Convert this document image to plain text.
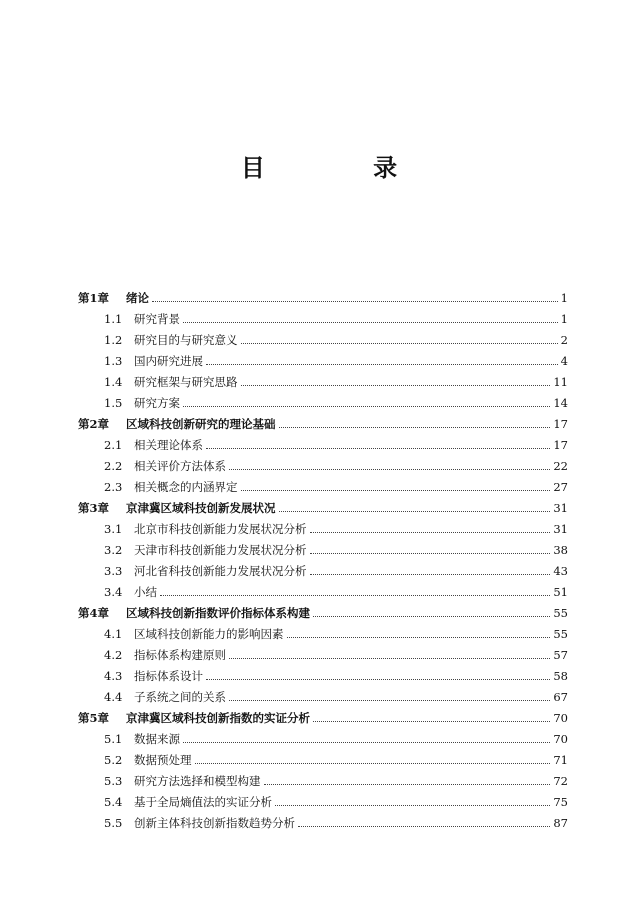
目 录
第1章	绪论	1
1.1	研究背景	1
1.2	研究目的与研究意义	2
1.3	国内研究进展	4
1.4	研究框架与研究思路	11
1.5	研究方案	14
第2章	区域科技创新研究的理论基础	17
2.1	相关理论体系	17
2.2	相关评价方法体系	22
2.3	相关概念的内涵界定	27
第3章	京津冀区域科技创新发展状况	31
3.1	北京市科技创新能力发展状况分析	31
3.2	天津市科技创新能力发展状况分析	38
3.3	河北省科技创新能力发展状况分析	43
3.4	小结	51
第4章	区域科技创新指数评价指标体系构建	55
4.1	区域科技创新能力的影响因素	55
4.2	指标体系构建原则	57
4.3	指标体系设计	58
4.4	子系统之间的关系	67
第5章	京津冀区域科技创新指数的实证分析	70
5.1	数据来源	70
5.2	数据预处理	71
5.3	研究方法选择和模型构建	72
5.4	基于全局熵值法的实证分析	75
5.5	创新主体科技创新指数趋势分析	87
